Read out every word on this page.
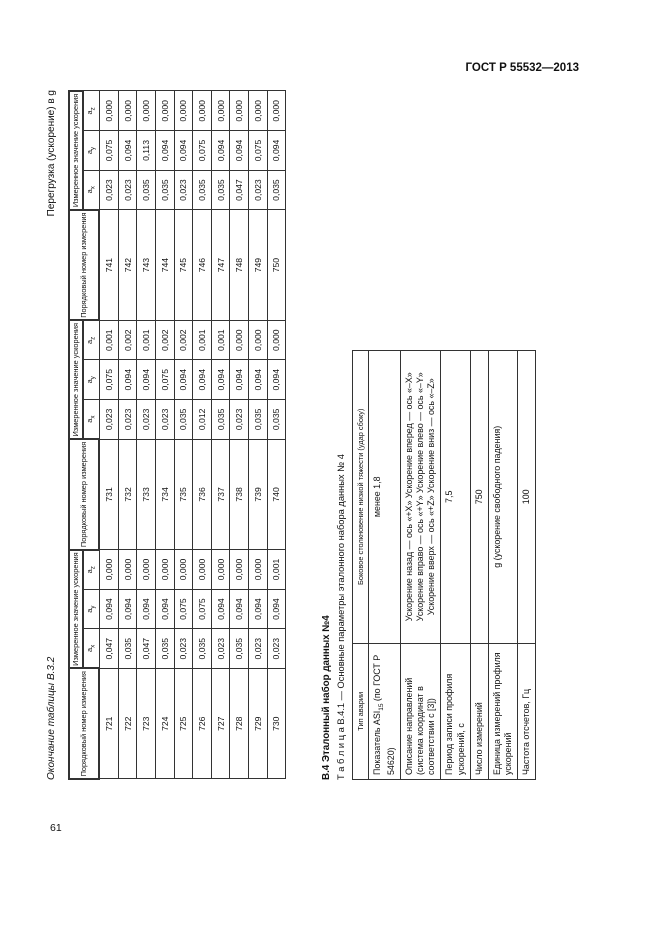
ГОСТ Р 55532—2013
Окончание таблицы В.3.2
Перегрузка (ускорение) в g
Порядковый номер измерения	Измеренное значение ускорения			Порядковый номер измерения	Измеренное значение ускорения			Порядковый номер измерения	Измеренное значение ускорения		
	$a_x$	$a_y$	$a_z$		$a_x$	$a_y$	$a_z$		$a_x$	$a_y$	$a_z$
721	0,047	0,094	0,000	731	0,023	0,075	0,001	741	0,023	0,075	0,000
722	0,035	0,094	0,000	732	0,023	0,094	0,002	742	0,023	0,094	0,000
723	0,047	0,094	0,000	733	0,023	0,094	0,001	743	0,035	0,113	0,000
724	0,035	0,094	0,000	734	0,023	0,075	0,002	744	0,035	0,094	0,000
725	0,023	0,075	0,000	735	0,035	0,094	0,002	745	0,023	0,094	0,000
726	0,035	0,075	0,000	736	0,012	0,094	0,001	746	0,035	0,075	0,000
727	0,023	0,094	0,000	737	0,035	0,094	0,001	747	0,035	0,094	0,000
728	0,035	0,094	0,000	738	0,023	0,094	0,000	748	0,047	0,094	0,000
729	0,023	0,094	0,000	739	0,035	0,094	0,000	749	0,023	0,075	0,000
730	0,023	0,094	0,001	740	0,035	0,094	0,000	750	0,035	0,094	0,000
В.4 Эталонный набор данных №4 Т а б л и ц а В.4.1 — Основные параметры эталонного набора данных № 4 Тип аварии	Боковое столкновение низкой тяжести (удар сбоку)
Показатель $ASI_{15}$ (по ГОСТ Р 54620)	менее 1,8
Описание направлений (система координат в соответствии с [3])	Ускорение назад — ось «+X» Ускорение вперед — ось «–X» Ускорение вправо — ось «+Y» Ускорение влево — ось «–Y» Ускорение вверх — ось «+Z» Ускорение вниз — ось «–Z»
Период записи профиля ускорений, с	7,5
Число измерений	750
Единица измерений профиля ускорений	g (ускорение свободного падения)
Частота отсчетов, Гц	100
61
